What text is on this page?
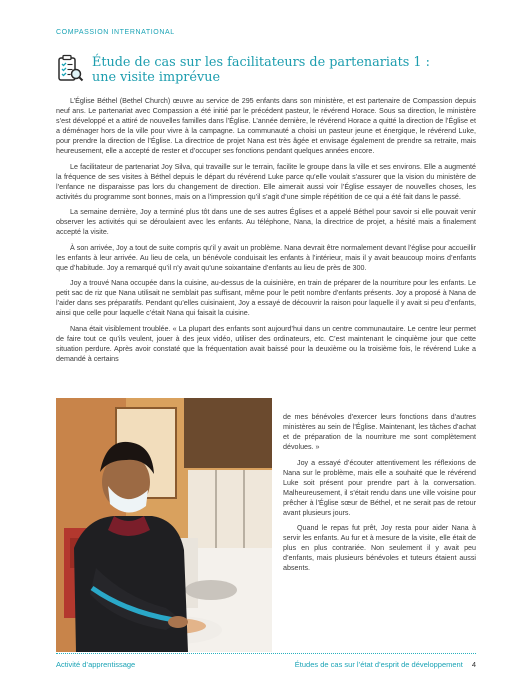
COMPASSION INTERNATIONAL
Étude de cas sur les facilitateurs de partenariats 1 :
une visite imprévue

L’Église Béthel (Bethel Church) œuvre au service de 295 enfants dans son ministère, et est partenaire de Compassion depuis neuf ans. Le partenariat avec Compassion a été initié par le précédent pasteur, le révérend Horace. Sous sa direction, le ministère s’est développé et a attiré de nouvelles familles dans l’Église. L’année dernière, le révérend Horace a quitté la direction de l’Église et a déménager hors de la ville pour vivre à la campagne. La communauté a choisi un pasteur jeune et énergique, le révérend Luke, pour prendre la direction de l’Église. La directrice de projet Nana est très âgée et envisage également de prendre sa retraite, mais heureusement, elle a accepté de rester et d’occuper ses fonctions pendant quelques années encore.

Le facilitateur de partenariat Joy Silva, qui travaille sur le terrain, facilite le groupe dans la ville et ses environs. Elle a augmenté la fréquence de ses visites à Béthel depuis le départ du révérend Luke parce qu’elle voulait s’assurer que la vision du ministère de l’enfance ne disparaisse pas lors du changement de direction. Elle aimerait aussi voir l’Église essayer de nouvelles choses, les activités du programme sont bonnes, mais on a l’impression qu’il s’agit d’une simple répétition de ce qui a été fait dans le passé.

La semaine dernière, Joy a terminé plus tôt dans une de ses autres Églises et a appelé Béthel pour savoir si elle pouvait venir observer les activités qui se déroulaient avec les enfants. Au téléphone, Nana, la directrice de projet, a hésité mais a finalement accepté la visite.

À son arrivée, Joy a tout de suite compris qu’il y avait un problème. Nana devrait être normalement devant l’église pour accueillir les enfants à leur arrivée. Au lieu de cela, un bénévole conduisait les enfants à l’intérieur, mais il y avait beaucoup moins d’enfants que d’habitude. Joy a remarqué qu’il n’y avait qu’une soixantaine d’enfants au lieu de près de 300.

Joy a trouvé Nana occupée dans la cuisine, au-dessus de la cuisinière, en train de préparer de la nourriture pour les enfants. Le petit sac de riz que Nana utilisait ne semblait pas suffisant, même pour le petit nombre d’enfants présents. Joy a proposé à Nana de l’aider dans ses préparatifs. Pendant qu’elles cuisinaient, Joy a essayé de découvrir la raison pour laquelle il y avait si peu d’enfants, ainsi que celle pour laquelle c’était Nana qui faisait la cuisine.

Nana était visiblement troublée. « La plupart des enfants sont aujourd’hui dans un centre communautaire. Le centre leur permet de faire tout ce qu’ils veulent, jouer à des jeux vidéo, utiliser des ordinateurs, etc. C’est maintenant le cinquième jour que cette situation perdure. Après avoir constaté que la fréquentation avait baissé pour la deuxième ou la troisième fois, le révérend Luke a demandé à certains

de mes bénévoles d’exercer leurs fonctions dans d’autres ministères au sein de l’Église. Maintenant, les tâches d’achat et de préparation de la nourriture me sont complètement dévolues. »

Joy a essayé d’écouter attentivement les réflexions de Nana sur le problème, mais elle a souhaité que le révérend Luke soit présent pour prendre part à la conversation. Malheureusement, il s’était rendu dans une ville voisine pour prêcher à l’Église sœur de Béthel, et ne serait pas de retour avant plusieurs jours.

Quand le repas fut prêt, Joy resta pour aider Nana à servir les enfants. Au fur et à mesure de la visite, elle était de plus en plus contrariée. Non seulement il y avait peu d’enfants, mais plusieurs bénévoles et tuteurs étaient aussi absents.

Activité d’apprentissage	Études de cas sur l’état d’esprit de développement 4
